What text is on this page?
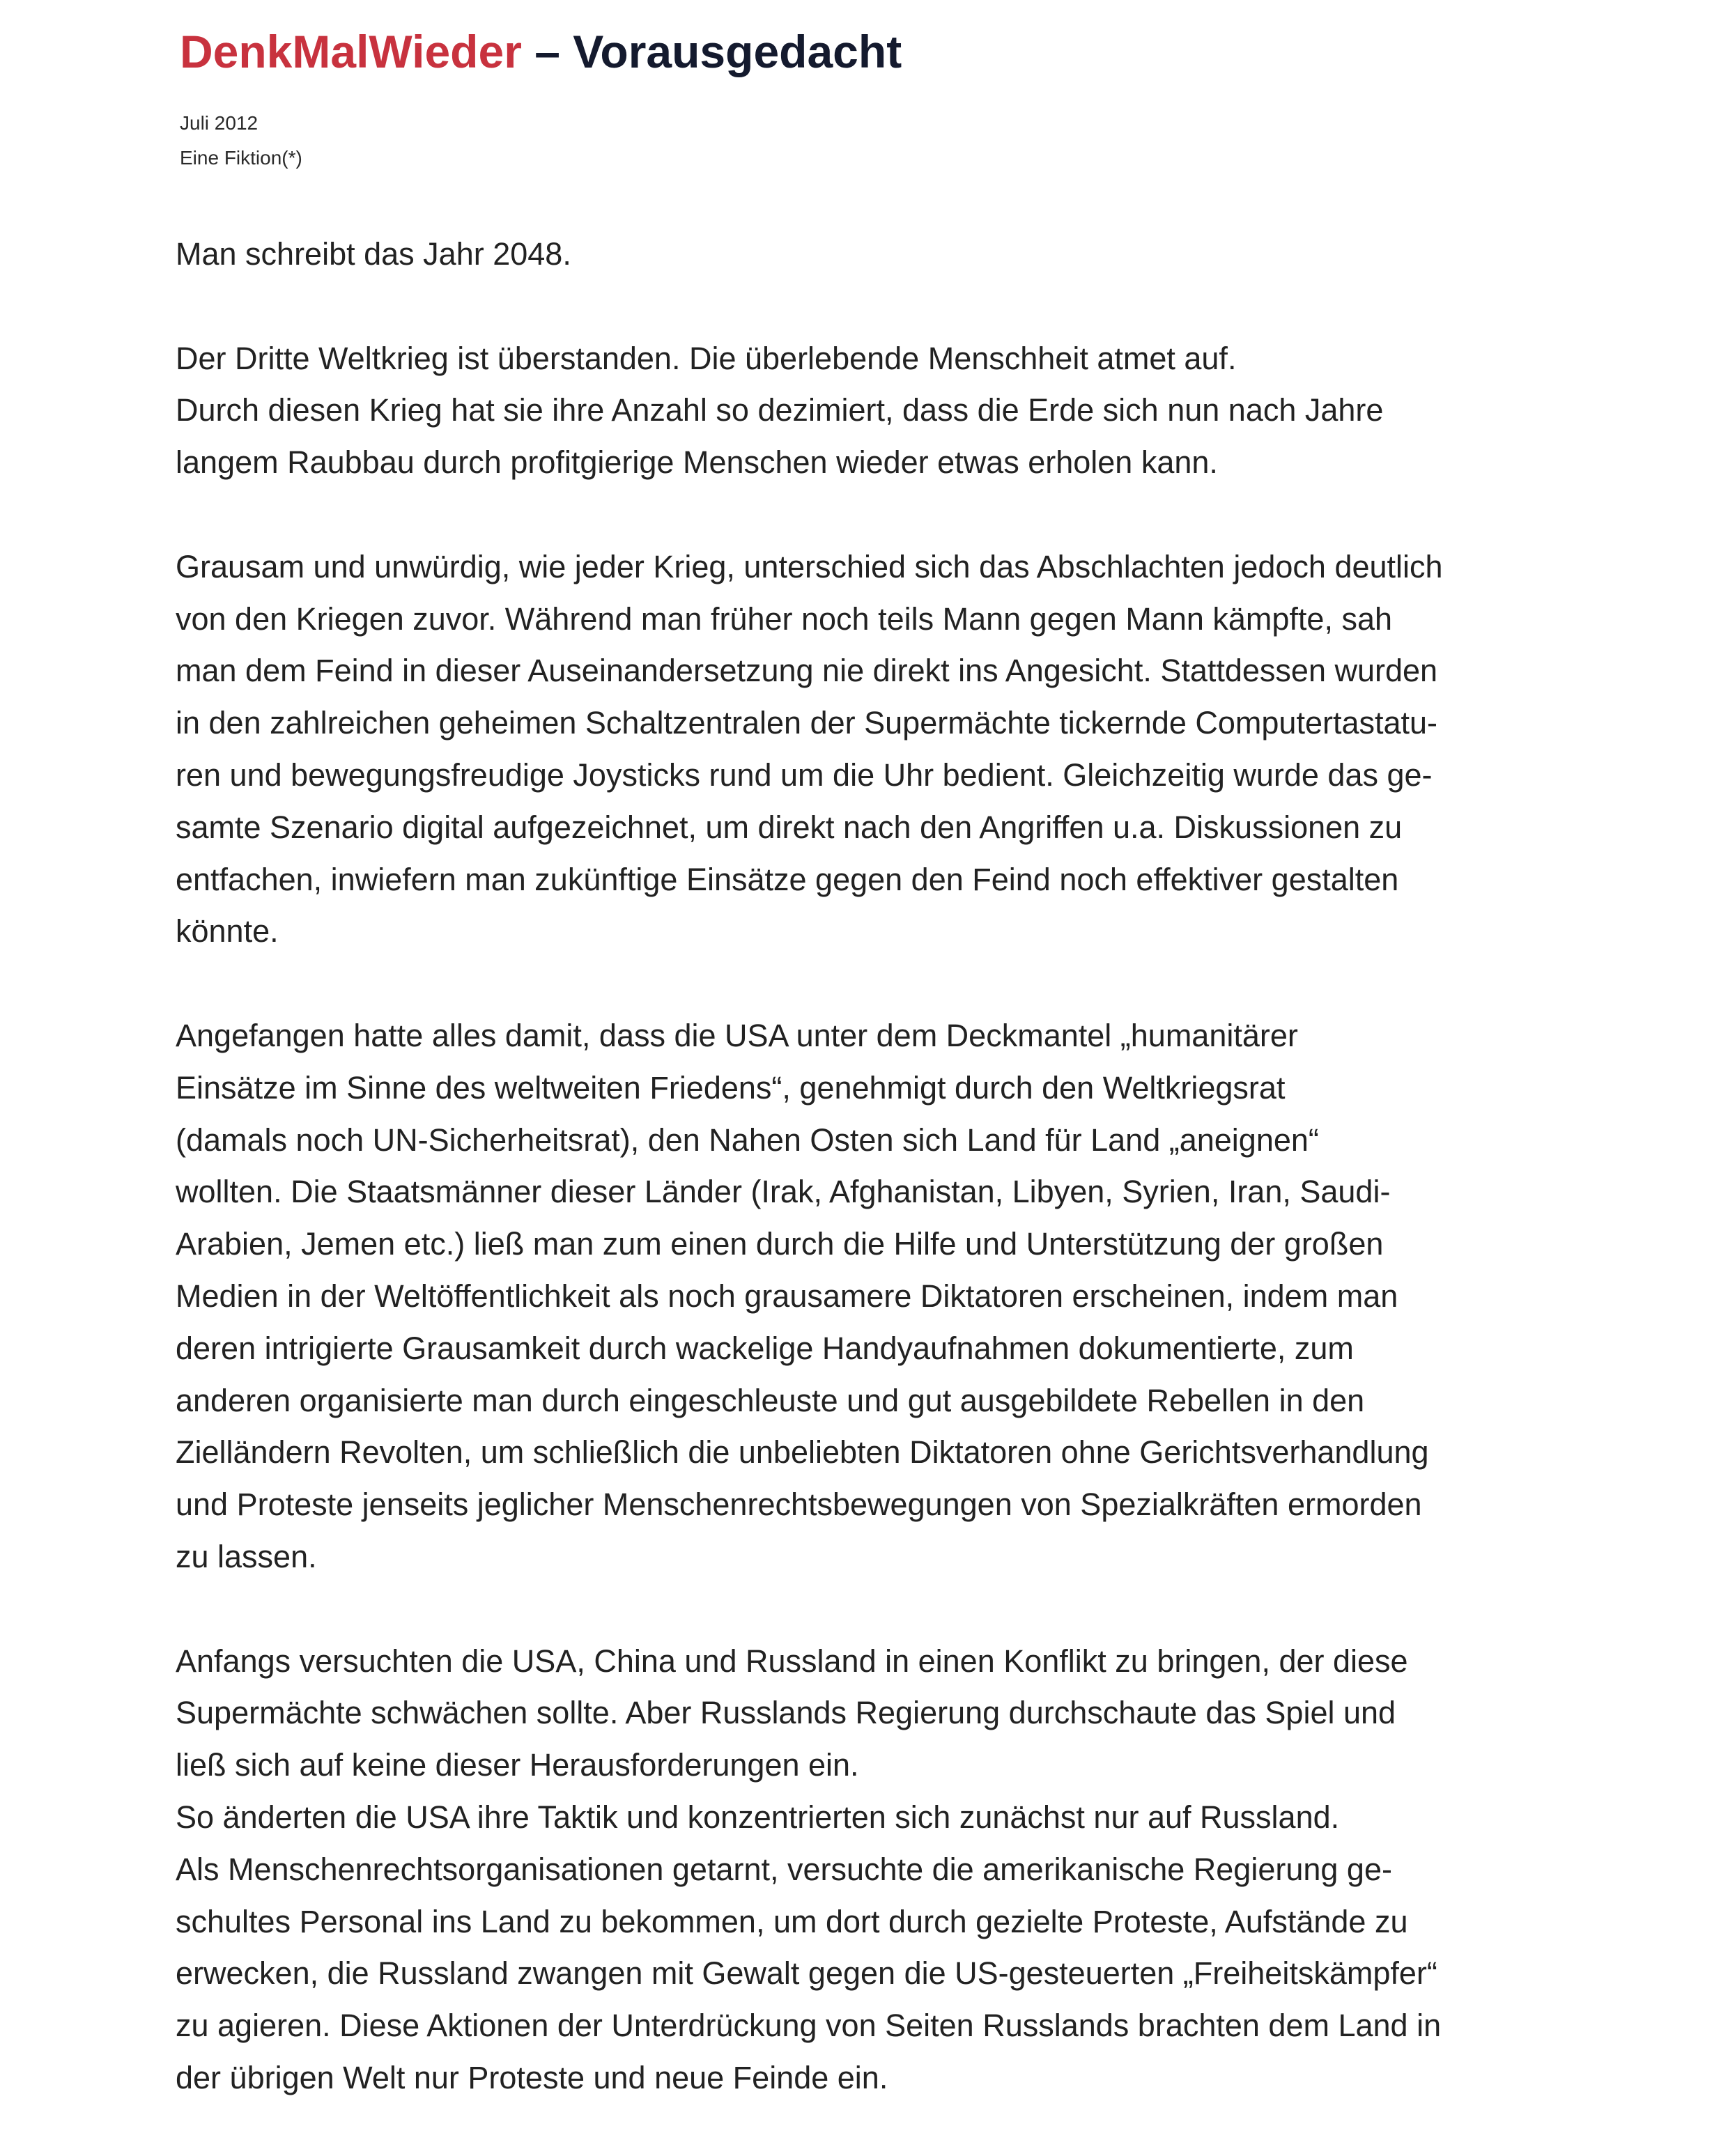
DenkMalWieder – Vorausgedacht
Juli 2012
Eine Fiktion(*)
Man schreibt das Jahr 2048.
Der Dritte Weltkrieg ist überstanden. Die überlebende Menschheit atmet auf.
Durch diesen Krieg hat sie ihre Anzahl so dezimiert, dass die Erde sich nun nach Jahre
langem Raubbau durch profitgierige Menschen wieder etwas erholen kann.
Grausam und unwürdig, wie jeder Krieg, unterschied sich das Abschlachten jedoch deutlich
von den Kriegen zuvor. Während man früher noch teils Mann gegen Mann kämpfte, sah
man dem Feind in dieser Auseinandersetzung nie direkt ins Angesicht. Stattdessen wurden
in den zahlreichen geheimen Schaltzentralen der Supermächte tickernde Computertastatu-
ren und bewegungsfreudige Joysticks rund um die Uhr bedient. Gleichzeitig wurde das ge-
samte Szenario digital aufgezeichnet, um direkt nach den Angriffen u.a. Diskussionen zu
entfachen, inwiefern man zukünftige Einsätze gegen den Feind noch effektiver gestalten
könnte.
Angefangen hatte alles damit, dass die USA unter dem Deckmantel „humanitärer
Einsätze im Sinne des weltweiten Friedens“, genehmigt durch den Weltkriegsrat
(damals noch UN-Sicherheitsrat), den Nahen Osten sich Land für Land „aneignen“
wollten. Die Staatsmänner dieser Länder (Irak, Afghanistan, Libyen, Syrien, Iran, Saudi-
Arabien, Jemen etc.) ließ man zum einen durch die Hilfe und Unterstützung der großen
Medien in der Weltöffentlichkeit als noch grausamere Diktatoren erscheinen, indem man
deren intrigierte Grausamkeit durch wackelige Handyaufnahmen dokumentierte, zum
anderen organisierte man durch eingeschleuste und gut ausgebildete Rebellen in den
Zielländern Revolten, um schließlich die unbeliebten Diktatoren ohne Gerichtsverhandlung
und Proteste jenseits jeglicher Menschenrechtsbewegungen von Spezialkräften ermorden
zu lassen.
Anfangs versuchten die USA, China und Russland in einen Konflikt zu bringen, der diese
Supermächte schwächen sollte. Aber Russlands Regierung durchschaute das Spiel und
ließ sich auf keine dieser Herausforderungen ein.
So änderten die USA ihre Taktik und konzentrierten sich zunächst nur auf Russland.
Als Menschenrechtsorganisationen getarnt, versuchte die amerikanische Regierung ge-
schultes Personal ins Land zu bekommen, um dort durch gezielte Proteste, Aufstände zu
erwecken, die Russland zwangen mit Gewalt gegen die US-gesteuerten „Freiheitskämpfer“
zu agieren. Diese Aktionen der Unterdrückung von Seiten Russlands brachten dem Land in
der übrigen Welt nur Proteste und neue Feinde ein.
